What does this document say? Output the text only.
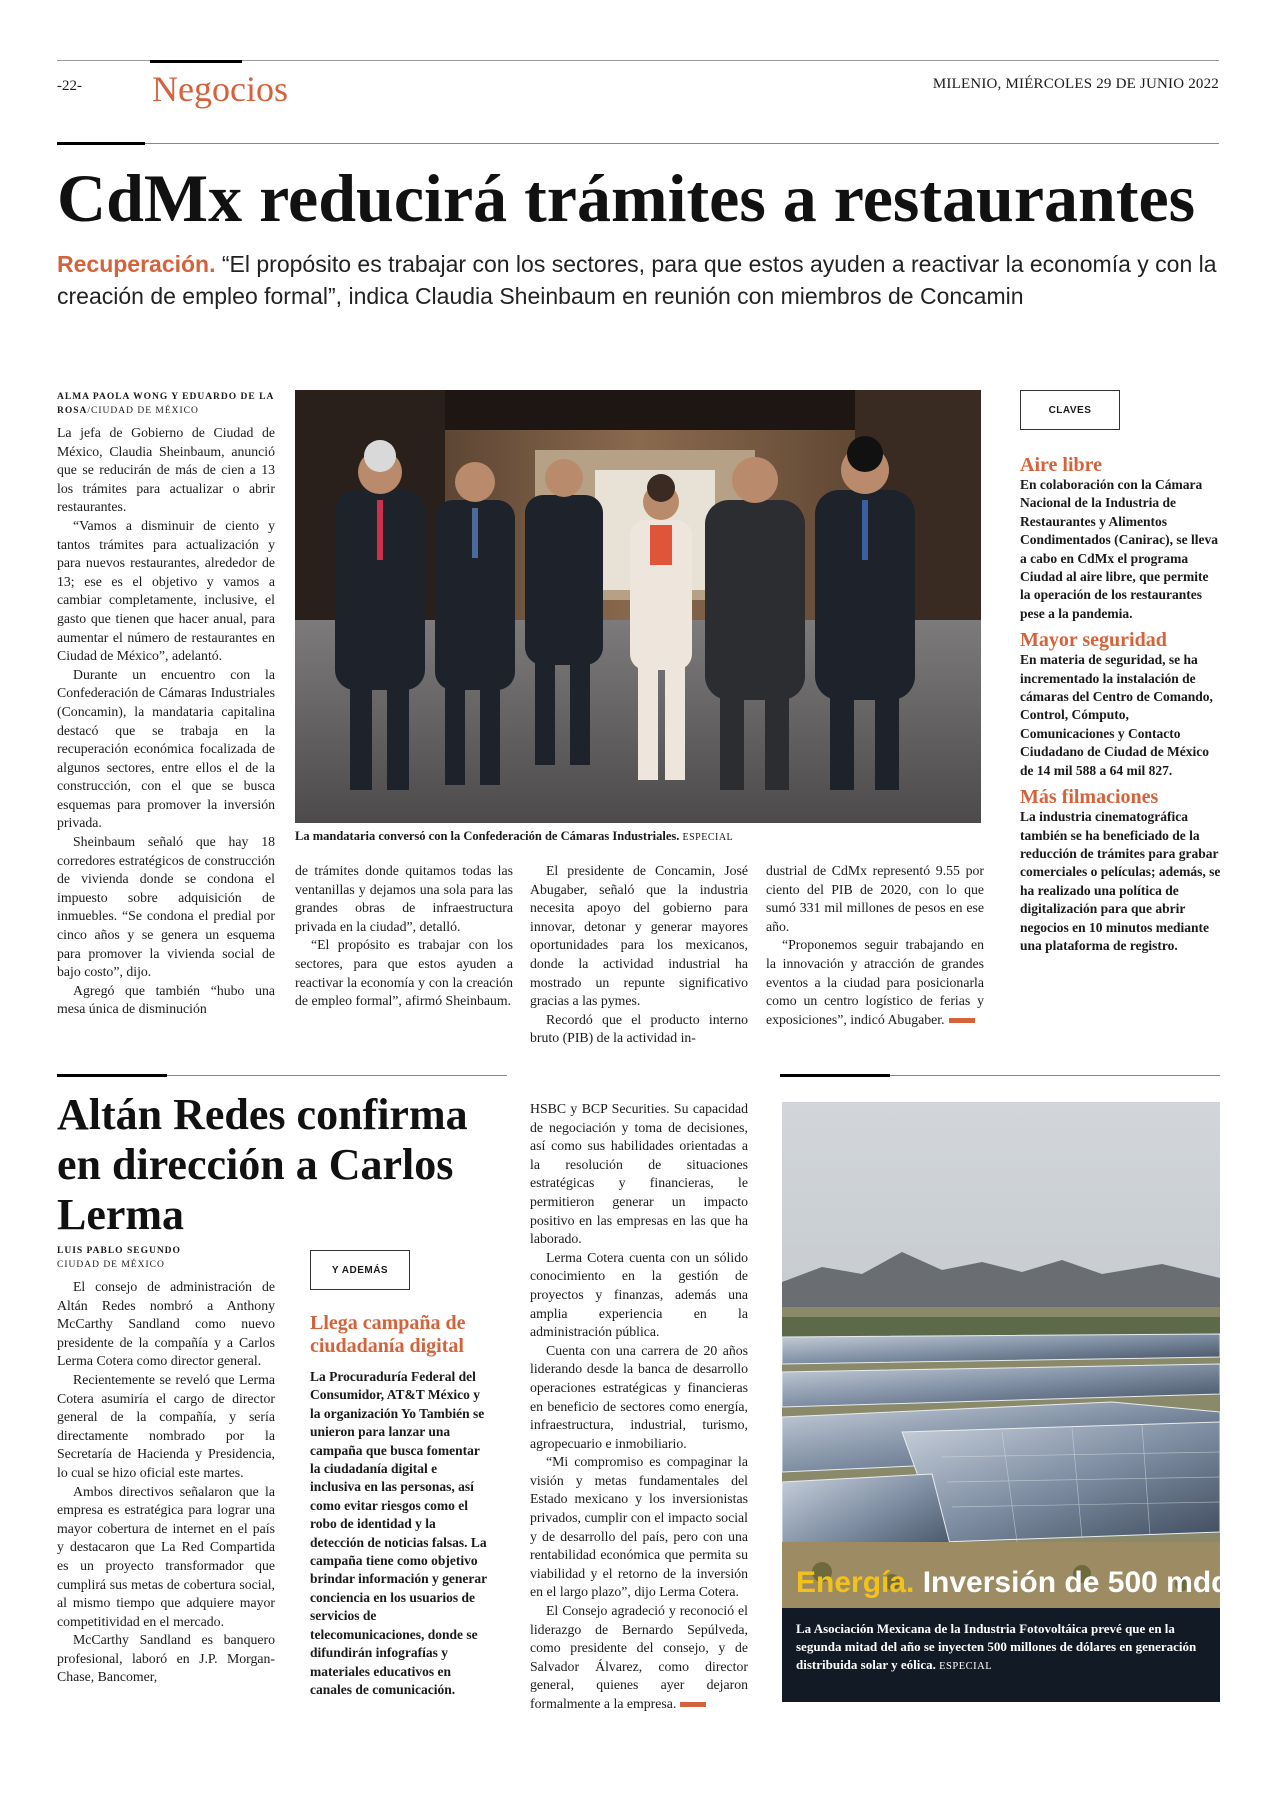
-22- Negocios	MILENIO, MIÉRCOLES 29 DE JUNIO 2022
CdMx reducirá trámites a restaurantes
Recuperación. “El propósito es trabajar con los sectores, para que estos ayuden a reactivar la economía y con la creación de empleo formal”, indica Claudia Sheinbaum en reunión con miembros de Concamin
ALMA PAOLA WONG Y EDUARDO DE LA ROSA/CIUDAD DE MÉXICO

La jefa de Gobierno de Ciudad de México, Claudia Sheinbaum, anunció que se reducirán de más de cien a 13 los trámites para actualizar o abrir restaurantes.

“Vamos a disminuir de ciento y tantos trámites para actualización y para nuevos restaurantes, alrededor de 13; ese es el objetivo y vamos a cambiar completamente, inclusive, el gasto que tienen que hacer anual, para aumentar el número de restaurantes en Ciudad de México”, adelantó.

Durante un encuentro con la Confederación de Cámaras Industriales (Concamin), la mandataria capitalina destacó que se trabaja en la recuperación económica focalizada de algunos sectores, entre ellos el de la construcción, con el que se busca esquemas para promover la inversión privada.

Sheinbaum señaló que hay 18 corredores estratégicos de construcción de vivienda donde se condona el impuesto sobre adquisición de inmuebles. “Se condona el predial por cinco años y se genera un esquema para promover la vivienda social de bajo costo”, dijo.

Agregó que también “hubo una mesa única de disminución

La mandataria conversó con la Confederación de Cámaras Industriales. ESPECIAL

de trámites donde quitamos todas las ventanillas y dejamos una sola para las grandes obras de infraestructura privada en la ciudad”, detalló.

“El propósito es trabajar con los sectores, para que estos ayuden a reactivar la economía y con la creación de empleo formal”, afirmó Sheinbaum.

El presidente de Concamin, José Abugaber, señaló que la industria necesita apoyo del gobierno para innovar, detonar y generar mayores oportunidades para los mexicanos, donde la actividad industrial ha mostrado un repunte significativo gracias a las pymes.

Recordó que el producto interno bruto (PIB) de la actividad in-

dustrial de CdMx representó 9.55 por ciento del PIB de 2020, con lo que sumó 331 mil millones de pesos en ese año.

“Proponemos seguir trabajando en la innovación y atracción de grandes eventos a la ciudad para posicionarla como un centro logístico de ferias y exposiciones”, indicó Abugaber.

CLAVES
Aire libre
En colaboración con la Cámara Nacional de la Industria de Restaurantes y Alimentos Condimentados (Canirac), se lleva a cabo en CdMx el programa Ciudad al aire libre, que permite la operación de los restaurantes pese a la pandemia.
Mayor seguridad
En materia de seguridad, se ha incrementado la instalación de cámaras del Centro de Comando, Control, Cómputo, Comunicaciones y Contacto Ciudadano de Ciudad de México de 14 mil 588 a 64 mil 827.
Más filmaciones
La industria cinematográfica también se ha beneficiado de la reducción de trámites para grabar comerciales o películas; además, se ha realizado una política de digitalización para que abrir negocios en 10 minutos mediante una plataforma de registro.
Altán Redes confirma en dirección a Carlos Lerma
LUIS PABLO SEGUNDO
CIUDAD DE MÉXICO

El consejo de administración de Altán Redes nombró a Anthony McCarthy Sandland como nuevo presidente de la compañía y a Carlos Lerma Cotera como director general.

Recientemente se reveló que Lerma Cotera asumiría el cargo de director general de la compañía, y sería directamente nombrado por la Secretaría de Hacienda y Presidencia, lo cual se hizo oficial este martes.

Ambos directivos señalaron que la empresa es estratégica para lograr una mayor cobertura de internet en el país y destacaron que La Red Compartida es un proyecto transformador que cumplirá sus metas de cobertura social, al mismo tiempo que adquiere mayor competitividad en el mercado.

McCarthy Sandland es banquero profesional, laboró en J.P. Morgan-Chase, Bancomer,

Y ADEMÁS
Llega campaña de ciudadanía digital
La Procuraduría Federal del Consumidor, AT&T México y la organización Yo También se unieron para lanzar una campaña que busca fomentar la ciudadanía digital e inclusiva en las personas, así como evitar riesgos como el robo de identidad y la detección de noticias falsas. La campaña tiene como objetivo brindar información y generar conciencia en los usuarios de servicios de telecomunicaciones, donde se difundirán infografías y materiales educativos en canales de comunicación.

HSBC y BCP Securities. Su capacidad de negociación y toma de decisiones, así como sus habilidades orientadas a la resolución de situaciones estratégicas y financieras, le permitieron generar un impacto positivo en las empresas en las que ha laborado.

Lerma Cotera cuenta con un sólido conocimiento en la gestión de proyectos y finanzas, además una amplia experiencia en la administración pública.

Cuenta con una carrera de 20 años liderando desde la banca de desarrollo operaciones estratégicas y financieras en beneficio de sectores como energía, infraestructura, industrial, turismo, agropecuario e inmobiliario.

“Mi compromiso es compaginar la visión y metas fundamentales del Estado mexicano y los inversionistas privados, cumplir con el impacto social y de desarrollo del país, pero con una rentabilidad económica que permita su viabilidad y el retorno de la inversión en el largo plazo”, dijo Lerma Cotera.

El Consejo agradeció y reconoció el liderazgo de Bernardo Sepúlveda, como presidente del consejo, y de Salvador Álvarez, como director general, quienes ayer dejaron formalmente a la empresa.

Energía. Inversión de 500 mdd
La Asociación Mexicana de la Industria Fotovoltáica prevé que en la segunda mitad del año se inyecten 500 millones de dólares en generación distribuida solar y eólica. ESPECIAL
